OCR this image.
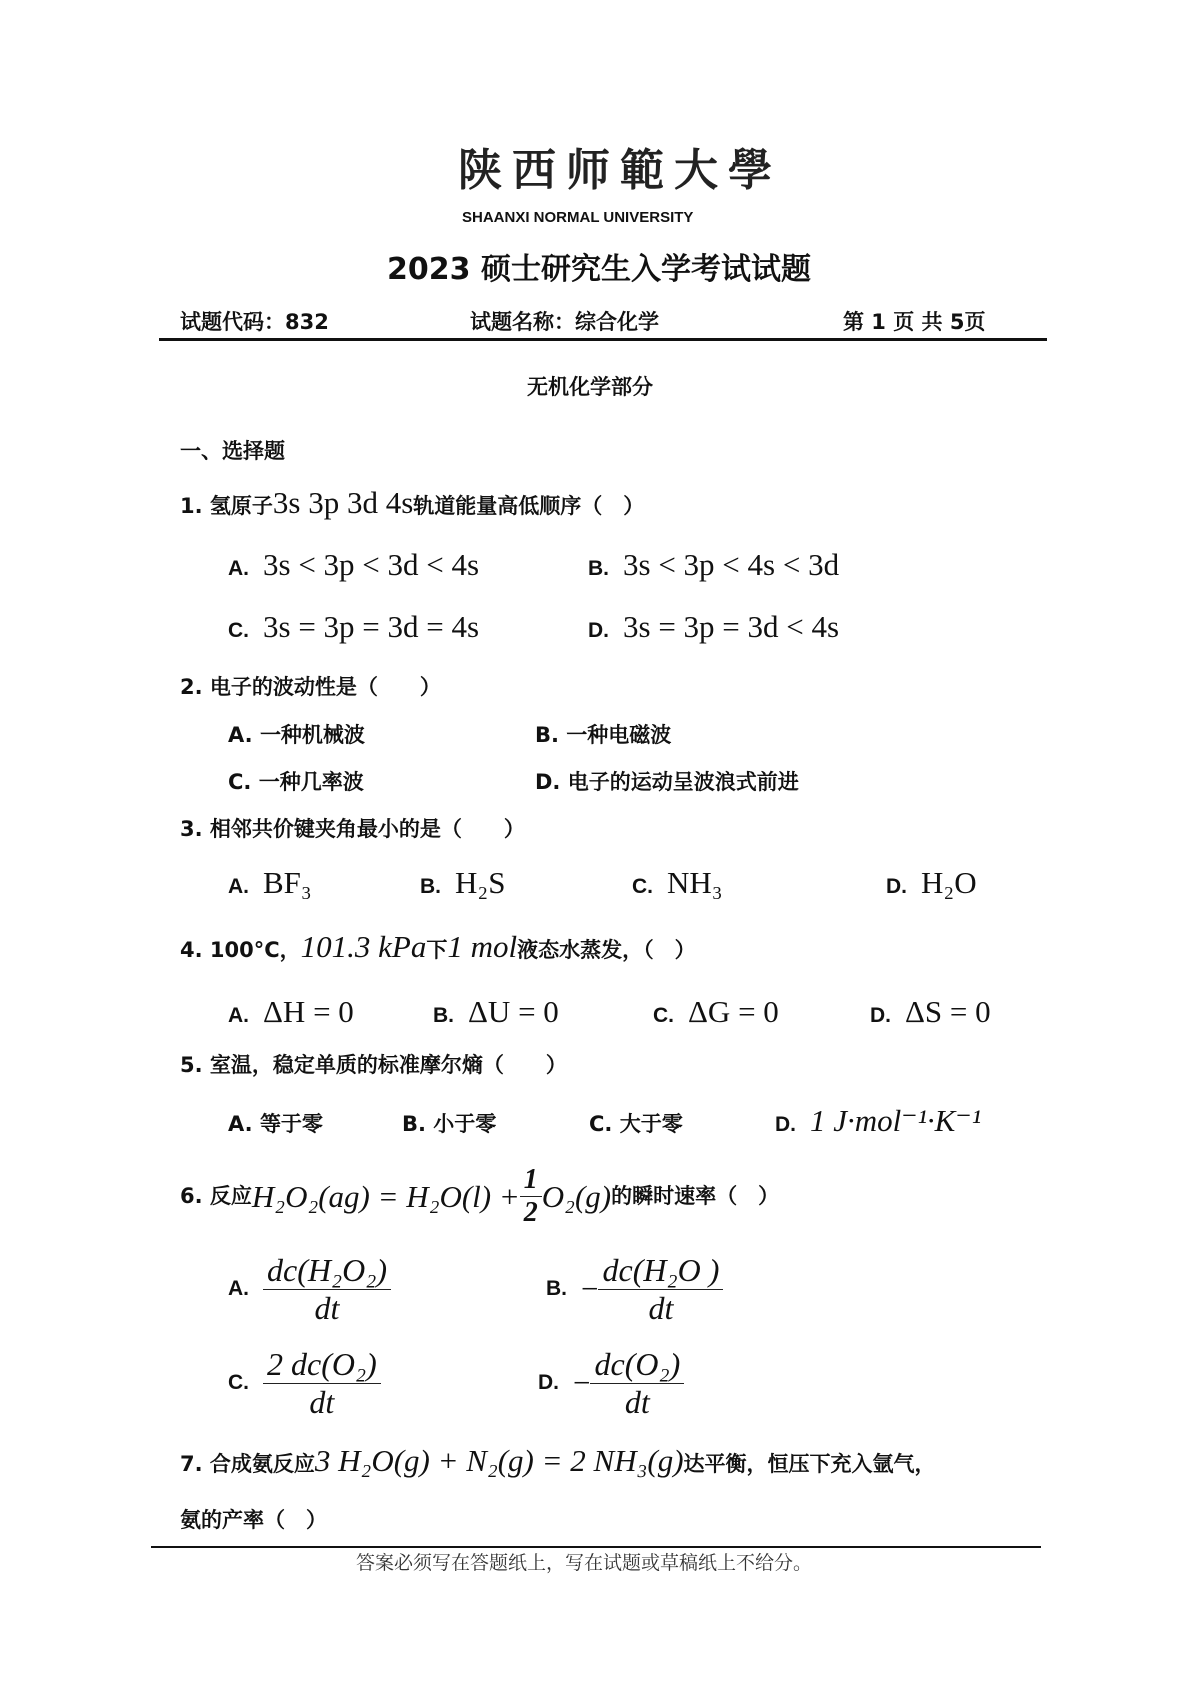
陕西师範大學
SHAANXI NORMAL UNIVERSITY
2023 硕士研究生入学考试试题
试题代码：832	试题名称：综合化学	第 1 页 共 5页
无机化学部分
一、选择题
1. 氢原子3s 3p 3d 4s轨道能量高低顺序（　）
A. 3s < 3p < 3d < 4s	B. 3s < 3p < 4s < 3d
C. 3s = 3p = 3d = 4s	D. 3s = 3p = 3d < 4s
2. 电子的波动性是（　　）
A. 一种机械波	B. 一种电磁波
C. 一种几率波	D. 电子的运动呈波浪式前进
3. 相邻共价键夹角最小的是（　　）
A. BF₃	B. H₂S	C. NH₃	D. H₂O
4. 100°C，101.3 kPa下1 mol液态水蒸发，（　）
A. ΔH = 0	B. ΔU = 0	C. ΔG = 0	D. ΔS = 0
5. 室温，稳定单质的标准摩尔熵（　　）
A. 等于零	B. 小于零	C. 大于零	D. 1 J·mol⁻¹·K⁻¹
6.
反应 $H_2O_2(ag) = H_2O(l) + \frac{1}{2} O_2(g)$ 的瞬时速率（　）
A. $\frac{\text{dc(H₂O₂)}}{dt}$	B. − $\frac{\text{dc(H₂O )}}{dt}$
C. $\frac{\text{2 dc(O₂)}}{dt}$	D. − $\frac{\text{dc(O₂)}}{dt}$
7. 合成氨反应3 H₂O(g) + N₂(g) = 2 NH₃(g)达平衡，恒压下充入氩气，
氨的产率（　）
答案必须写在答题纸上，写在试题或草稿纸上不给分。
